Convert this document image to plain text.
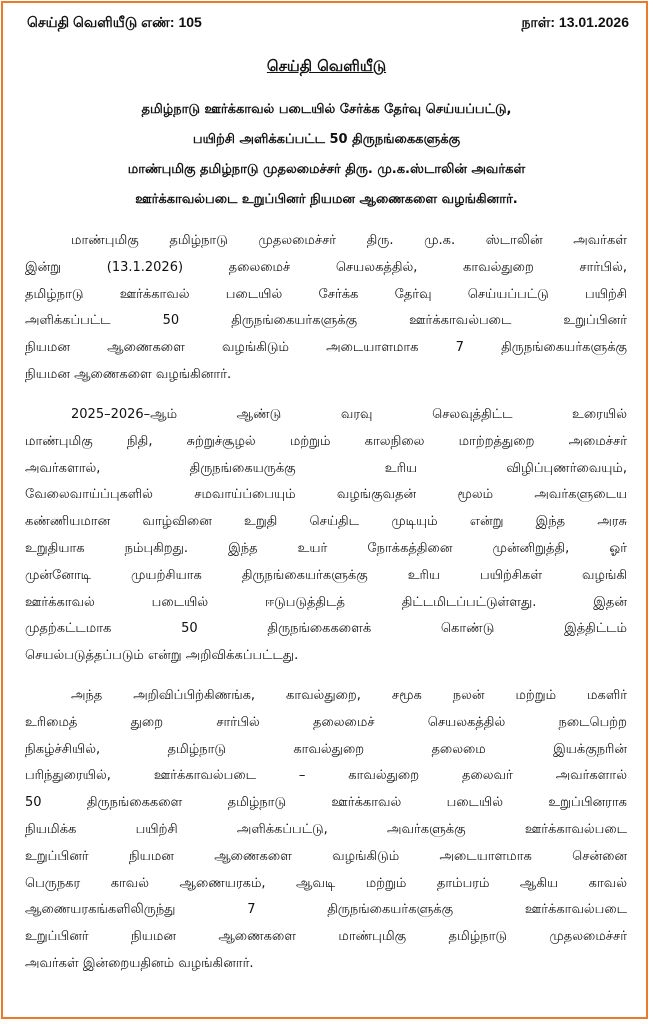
செய்தி வெளியீடு எண்: 105	நாள்: 13.01.2026
செய்தி வெளியீடு
தமிழ்நாடு ஊர்க்காவல் படையில் சேர்க்க தேர்வு செய்யப்பட்டு,
பயிற்சி அளிக்கப்பட்ட 50 திருநங்கைகளுக்கு
மாண்புமிகு தமிழ்நாடு முதலமைச்சர் திரு. மு.க.ஸ்டாலின் அவர்கள்
ஊர்க்காவல்படை உறுப்பினர் நியமன ஆணைகளை வழங்கினார்.
மாண்புமிகு தமிழ்நாடு முதலமைச்சர் திரு. மு.க. ஸ்டாலின் அவர்கள்
இன்று (13.1.2026) தலைமைச் செயலகத்தில், காவல்துறை சார்பில்,
தமிழ்நாடு ஊர்க்காவல் படையில் சேர்க்க தேர்வு செய்யப்பட்டு பயிற்சி
அளிக்கப்பட்ட 50 திருநங்கையர்களுக்கு ஊர்க்காவல்படை உறுப்பினர்
நியமன ஆணைகளை வழங்கிடும் அடையாளமாக 7 திருநங்கையர்களுக்கு
நியமன ஆணைகளை வழங்கினார்.
2025–2026–ஆம் ஆண்டு வரவு செலவுத்திட்ட உரையில்
மாண்புமிகு நிதி, சுற்றுச்சூழல் மற்றும் காலநிலை மாற்றத்துறை அமைச்சர்
அவர்களால், திருநங்கையருக்கு உரிய விழிப்புணர்வையும்,
வேலைவாய்ப்புகளில் சமவாய்ப்பையும் வழங்குவதன் மூலம் அவர்களுடைய
கண்ணியமான வாழ்வினை உறுதி செய்திட முடியும் என்று இந்த அரசு
உறுதியாக நம்புகிறது. இந்த உயர் நோக்கத்தினை முன்னிறுத்தி, ஓர்
முன்னோடி முயற்சியாக திருநங்கையர்களுக்கு உரிய பயிற்சிகள் வழங்கி
ஊர்க்காவல் படையில் ஈடுபடுத்திடத் திட்டமிடப்பட்டுள்ளது. இதன்
முதற்கட்டமாக 50 திருநங்கைகளைக் கொண்டு இத்திட்டம்
செயல்படுத்தப்படும் என்று அறிவிக்கப்பட்டது.
அந்த அறிவிப்பிற்கிணங்க, காவல்துறை, சமூக நலன் மற்றும் மகளிர்
உரிமைத் துறை சார்பில் தலைமைச் செயலகத்தில் நடைபெற்ற
நிகழ்ச்சியில், தமிழ்நாடு காவல்துறை தலைமை இயக்குநரின்
பரிந்துரையில், ஊர்க்காவல்படை – காவல்துறை தலைவர் அவர்களால்
50 திருநங்கைகளை தமிழ்நாடு ஊர்க்காவல் படையில் உறுப்பினராக
நியமிக்க பயிற்சி அளிக்கப்பட்டு, அவர்களுக்கு ஊர்க்காவல்படை
உறுப்பினர் நியமன ஆணைகளை வழங்கிடும் அடையாளமாக சென்னை
பெருநகர காவல் ஆணையரகம், ஆவடி மற்றும் தாம்பரம் ஆகிய காவல்
ஆணையரகங்களிலிருந்து 7 திருநங்கையர்களுக்கு ஊர்க்காவல்படை
உறுப்பினர் நியமன ஆணைகளை மாண்புமிகு தமிழ்நாடு முதலமைச்சர்
அவர்கள் இன்றையதினம் வழங்கினார்.
